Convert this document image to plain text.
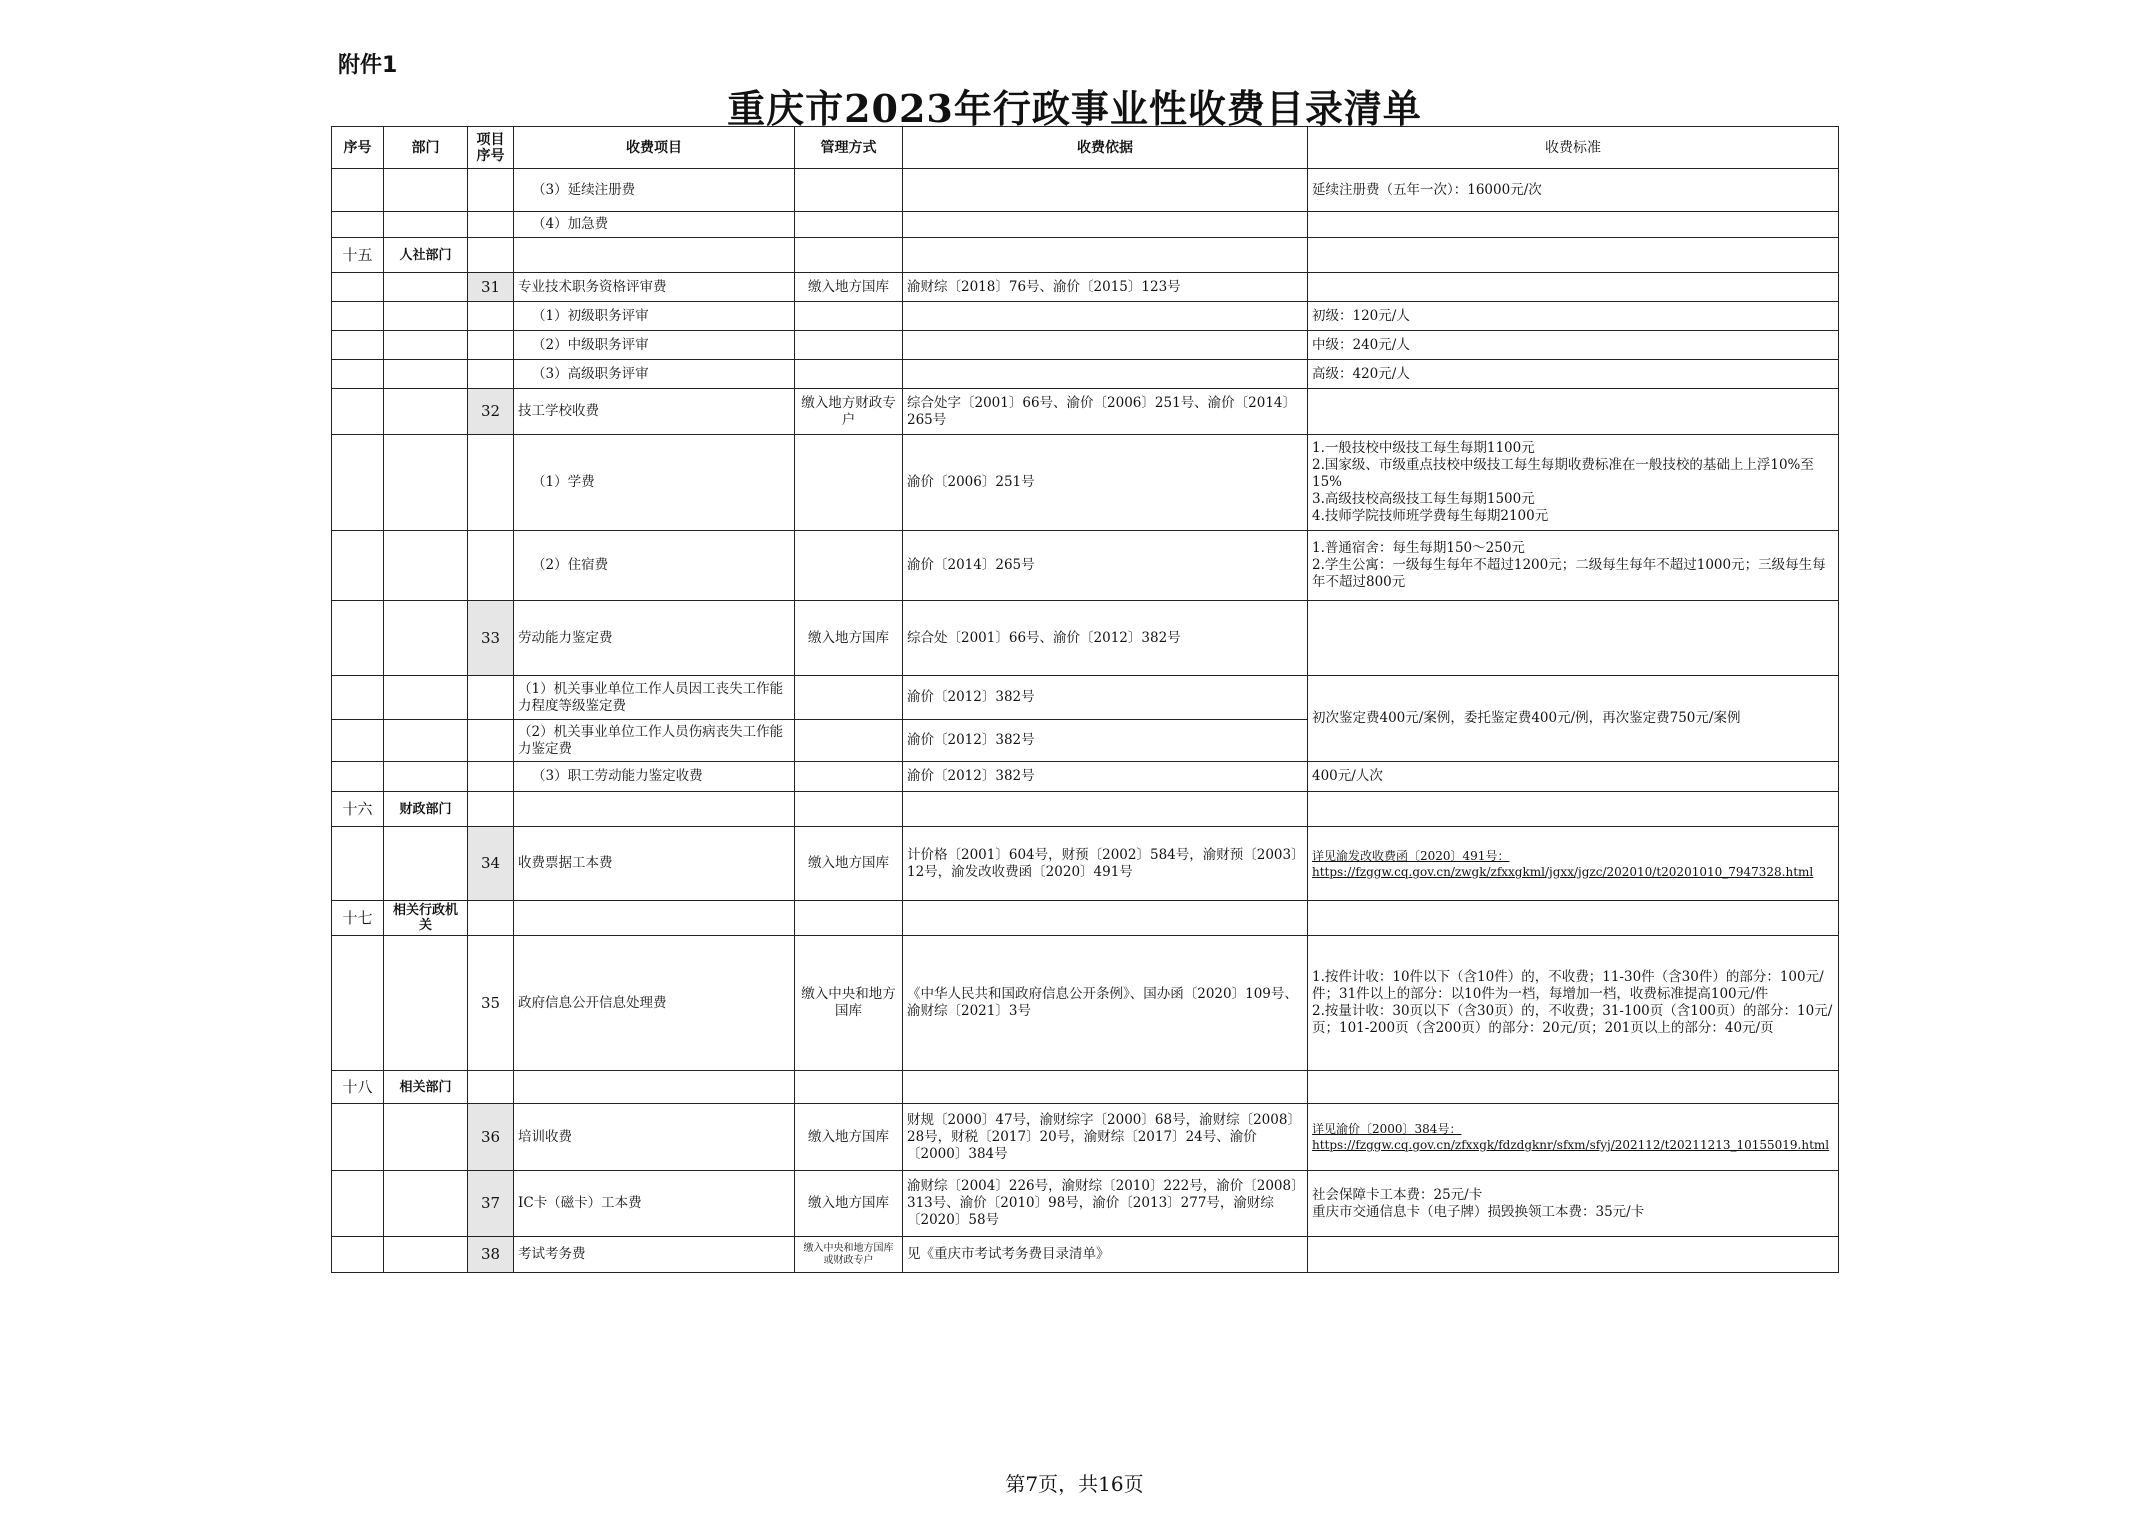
附件1
重庆市2023年行政事业性收费目录清单
序号	部门	项目序号	收费项目	管理方式	收费依据	收费标准
			（3）延续注册费			延续注册费（五年一次）：16000元/次
			（4）加急费			
十五	人社部门					
		31	专业技术职务资格评审费	缴入地方国库	渝财综〔2018〕76号、渝价〔2015〕123号	
			（1）初级职务评审			初级：120元/人
			（2）中级职务评审			中级：240元/人
			（3）高级职务评审			高级：420元/人
		32	技工学校收费	缴入地方财政专户	综合处字〔2001〕66号、渝价〔2006〕251号、渝价〔2014〕265号	
			（1）学费		渝价〔2006〕251号	1.一般技校中级技工每生每期1100元
2.国家级、市级重点技校中级技工每生每期收费标准在一般技校的基础上上浮10%至15%
3.高级技校高级技工每生每期1500元
4.技师学院技师班学费每生每期2100元

			（2）住宿费		渝价〔2014〕265号	1.普通宿舍：每生每期150～250元
2.学生公寓：一级每生每年不超过1200元；二级每生每年不超过1000元；三级每生每年不超过800元

		33	劳动能力鉴定费	缴入地方国库	综合处〔2001〕66号、渝价〔2012〕382号	
			（1）机关事业单位工作人员因工丧失工作能力程度等级鉴定费		渝价〔2012〕382号	初次鉴定费400元/案例，委托鉴定费400元/例，再次鉴定费750元/案例
			（2）机关事业单位工作人员伤病丧失工作能力鉴定费		渝价〔2012〕382号	
			（3）职工劳动能力鉴定收费		渝价〔2012〕382号	400元/人次
十六	财政部门					
		34	收费票据工本费	缴入地方国库	计价格〔2001〕604号，财预〔2002〕584号，渝财预〔2003〕12号，渝发改收费函〔2020〕491号	详见渝发改收费函〔2020〕491号：
https://fzggw.cq.gov.cn/zwgk/zfxxgkml/jgxx/jgzc/202010/t20201010_7947328.html

十七	相关行政机关					
		35	政府信息公开信息处理费	缴入中央和地方国库	《中华人民共和国政府信息公开条例》、国办函〔2020〕109号、渝财综〔2021〕3号	1.按件计收：10件以下（含10件）的，不收费；11-30件（含30件）的部分：100元/件；31件以上的部分：以10件为一档，每增加一档，收费标准提高100元/件
2.按量计收：30页以下（含30页）的，不收费；31-100页（含100页）的部分：10元/页；101-200页（含200页）的部分：20元/页；201页以上的部分：40元/页

十八	相关部门					
		36	培训收费	缴入地方国库	财规〔2000〕47号，渝财综字〔2000〕68号，渝财综〔2008〕28号，财税〔2017〕20号，渝财综〔2017〕24号、渝价〔2000〕384号	详见渝价〔2000〕384号：
https://fzggw.cq.gov.cn/zfxxgk/fdzdgknr/sfxm/sfyj/202112/t20211213_10155019.html

		37	IC卡（磁卡）工本费	缴入地方国库	渝财综〔2004〕226号，渝财综〔2010〕222号，渝价〔2008〕313号、渝价〔2010〕98号，渝价〔2013〕277号，渝财综〔2020〕58号	社会保障卡工本费：25元/卡
重庆市交通信息卡（电子牌）损毁换领工本费：35元/卡

		38	考试考务费	缴入中央和地方国库或财政专户	见《重庆市考试考务费目录清单》	
第7页，共16页
